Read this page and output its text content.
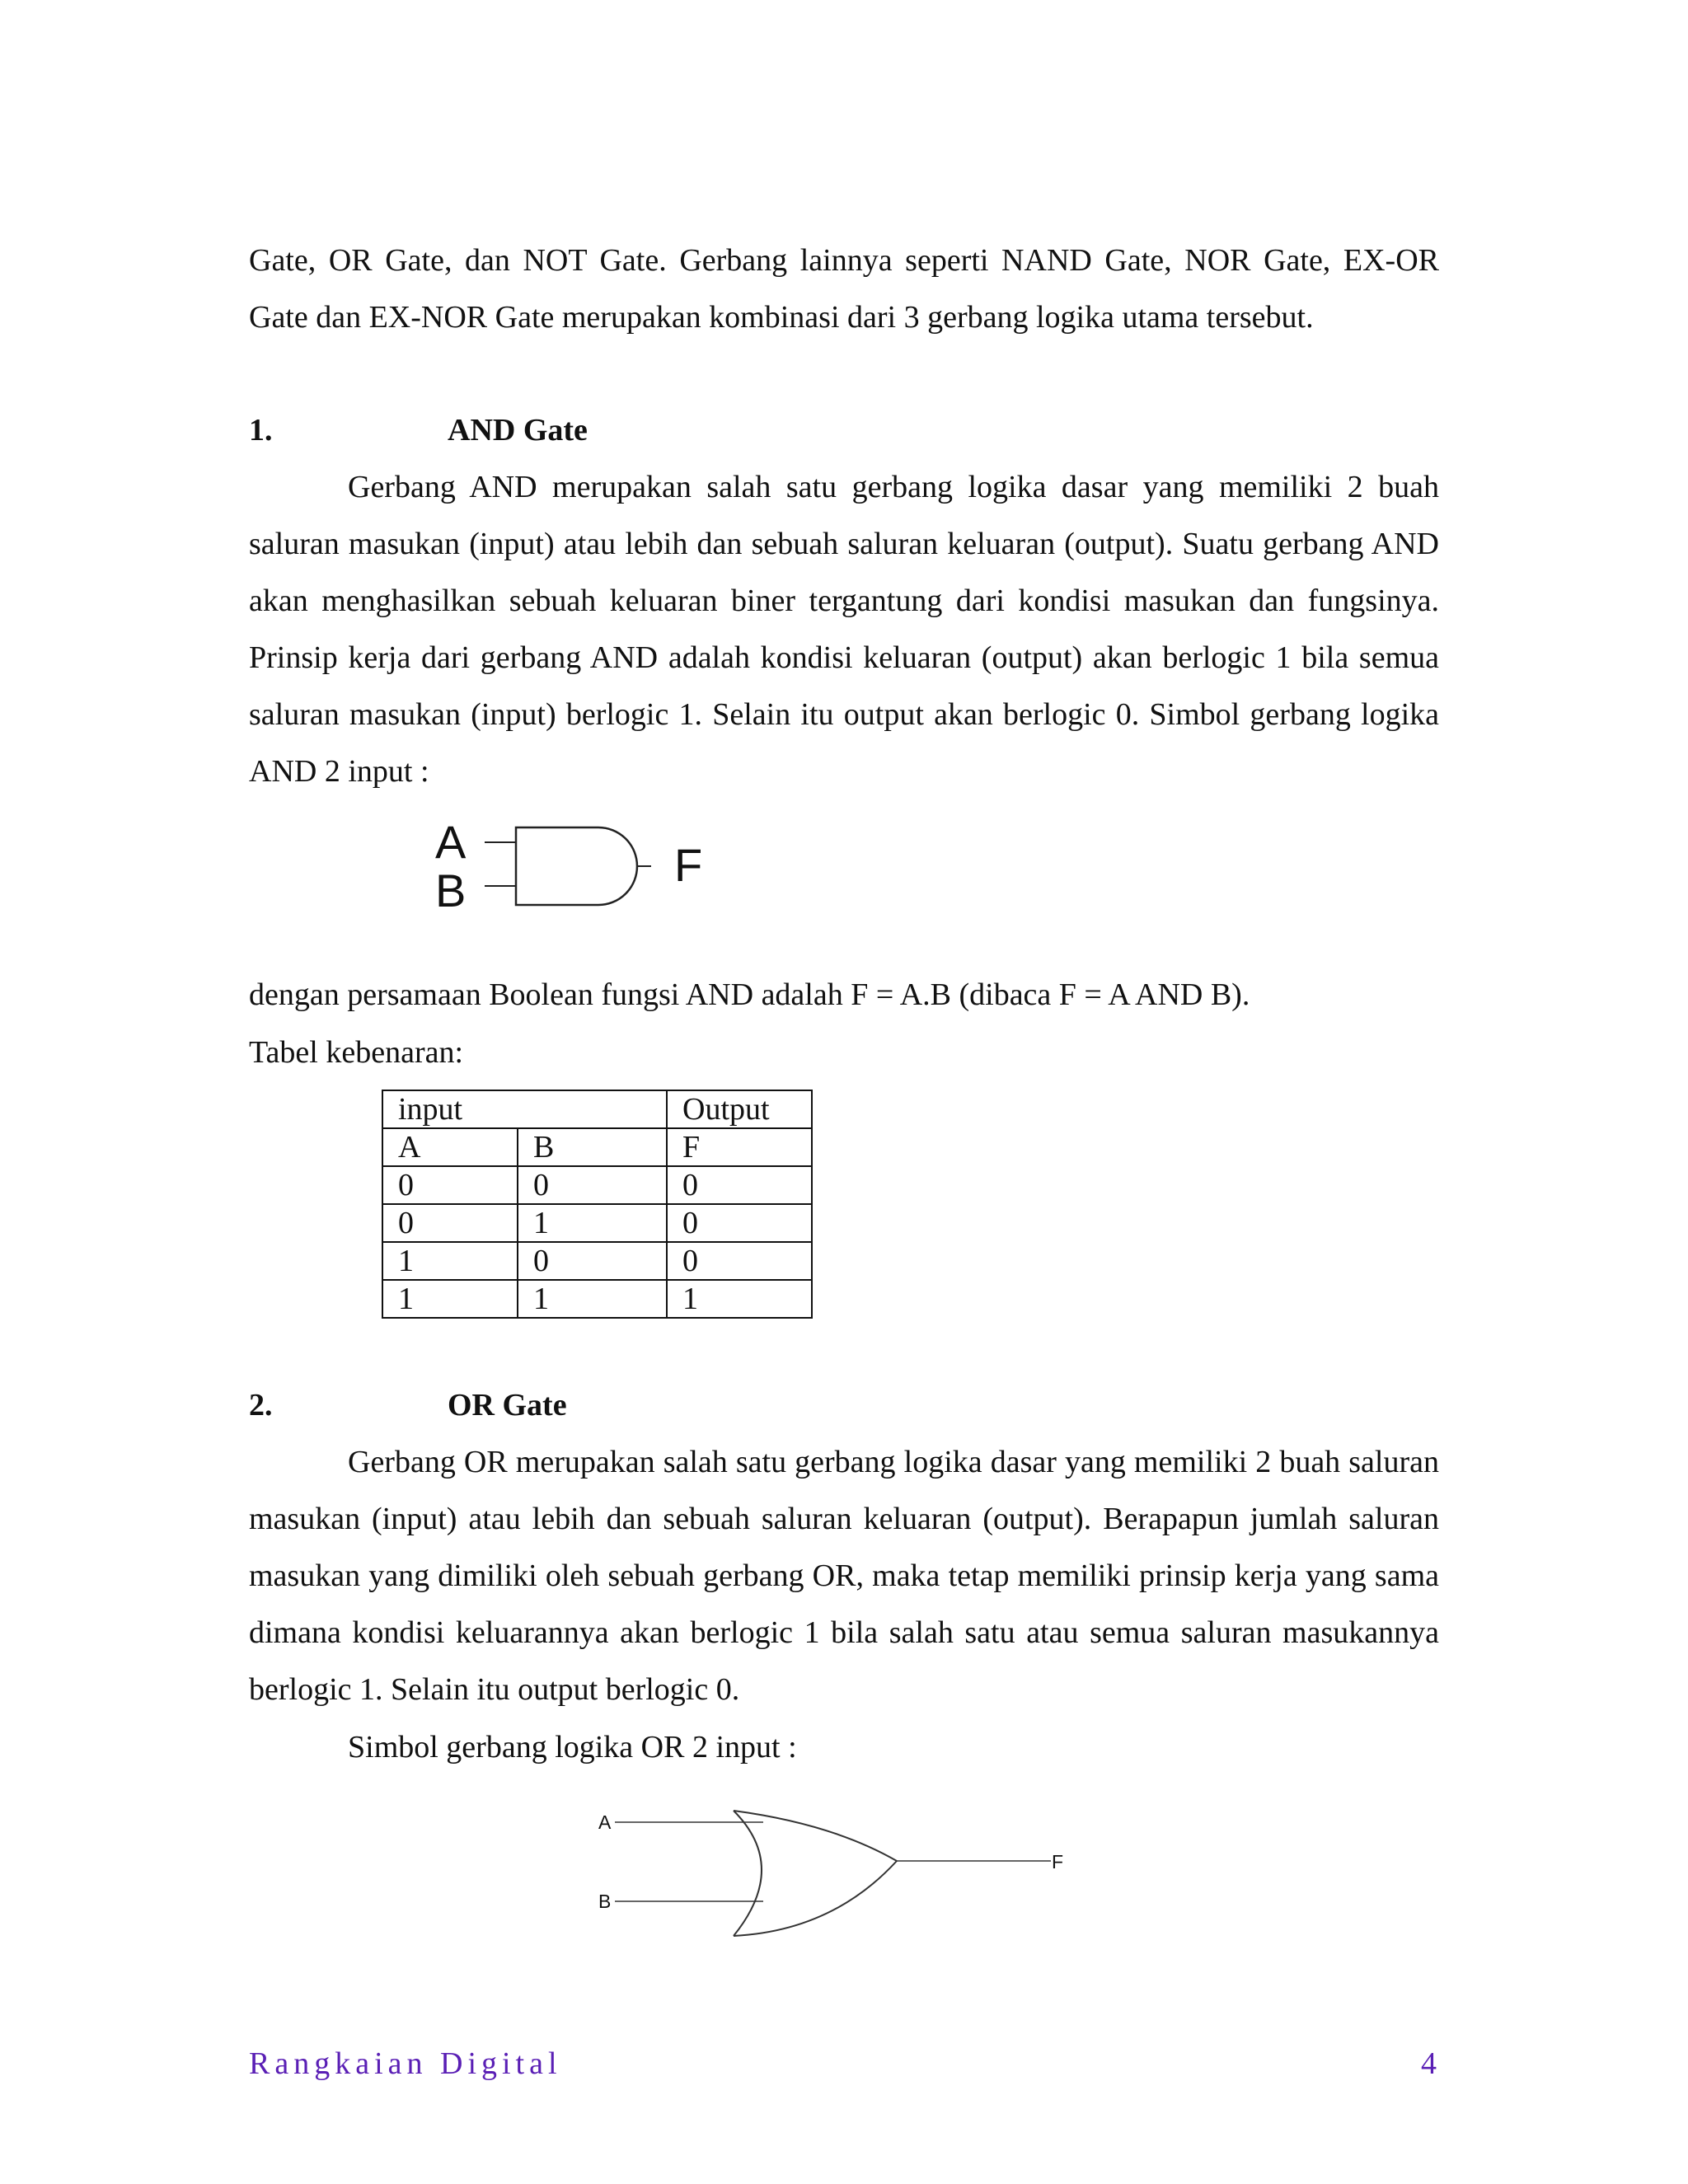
Gate, OR Gate, dan NOT Gate. Gerbang lainnya seperti NAND Gate, NOR Gate, EX-OR Gate dan EX-NOR Gate merupakan kombinasi dari 3 gerbang logika utama tersebut.

1.	AND Gate

Gerbang AND merupakan salah satu gerbang logika dasar yang memiliki 2 buah saluran masukan (input) atau lebih dan sebuah saluran keluaran (output). Suatu gerbang AND akan menghasilkan sebuah keluaran biner tergantung dari kondisi masukan dan fungsinya. Prinsip kerja dari gerbang AND adalah kondisi keluaran (output) akan berlogic 1 bila semua saluran masukan (input) berlogic 1. Selain itu output akan berlogic 0. Simbol gerbang logika AND 2 input :

A
B	F

dengan persamaan Boolean fungsi AND adalah F = A.B (dibaca F = A AND B).

Tabel kebenaran:

input		Output
A	B	F
0	0	0
0	1	0
1	0	0
1	1	1

2.	OR Gate

Gerbang OR merupakan salah satu gerbang logika dasar yang memiliki 2 buah saluran masukan (input) atau lebih dan sebuah saluran keluaran (output). Berapapun jumlah saluran masukan yang dimiliki oleh sebuah gerbang OR, maka tetap memiliki prinsip kerja yang sama dimana kondisi keluarannya akan berlogic 1 bila salah satu atau semua saluran masukannya berlogic 1. Selain itu output berlogic 0.

Simbol gerbang logika OR 2 input :

A
B
F

Rangkaian Digital	4
